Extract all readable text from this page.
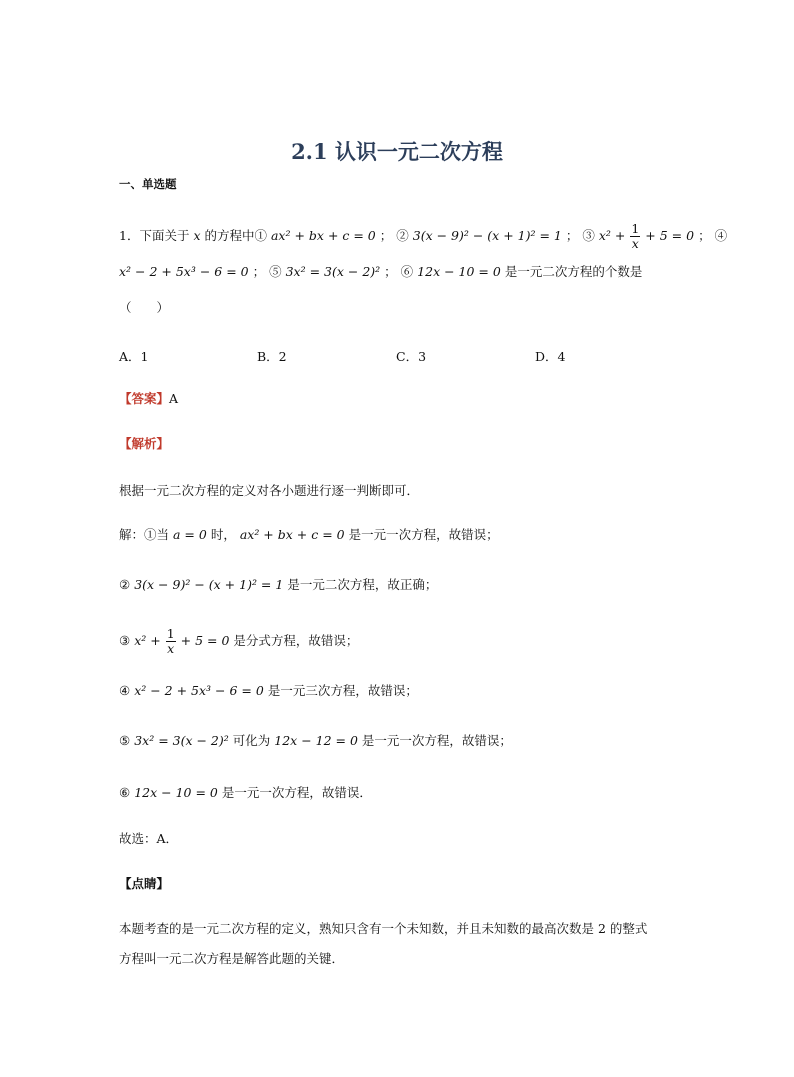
2.1 认识一元二次方程
一、单选题
1．下面关于 x 的方程中① ax² + bx + c = 0 ； ② 3(x − 9)² − (x + 1)² = 1 ； ③ $x^2 + \frac{1}{x} + 5 = 0$ ； ④
x² − 2 + 5x³ − 6 = 0 ； ⑤ 3x² = 3(x − 2)² ； ⑥ 12x − 10 = 0 是一元二次方程的个数是
（　　）
A．1	B．2	C．3	D．4
【答案】A
【解析】
根据一元二次方程的定义对各小题进行逐一判断即可．
解：①当 a = 0 时， ax² + bx + c = 0 是一元一次方程，故错误；
② 3(x − 9)² − (x + 1)² = 1 是一元二次方程，故正确；
③ $x^2 + \frac{1}{x} + 5 = 0$ 是分式方程，故错误；
④ x² − 2 + 5x³ − 6 = 0 是一元三次方程，故错误；
⑤ 3x² = 3(x − 2)² 可化为 12x − 12 = 0 是一元一次方程，故错误；
⑥ 12x − 10 = 0 是一元一次方程，故错误．
故选：A．
【点睛】
本题考查的是一元二次方程的定义，熟知只含有一个未知数，并且未知数的最高次数是 2 的整式
方程叫一元二次方程是解答此题的关键．
